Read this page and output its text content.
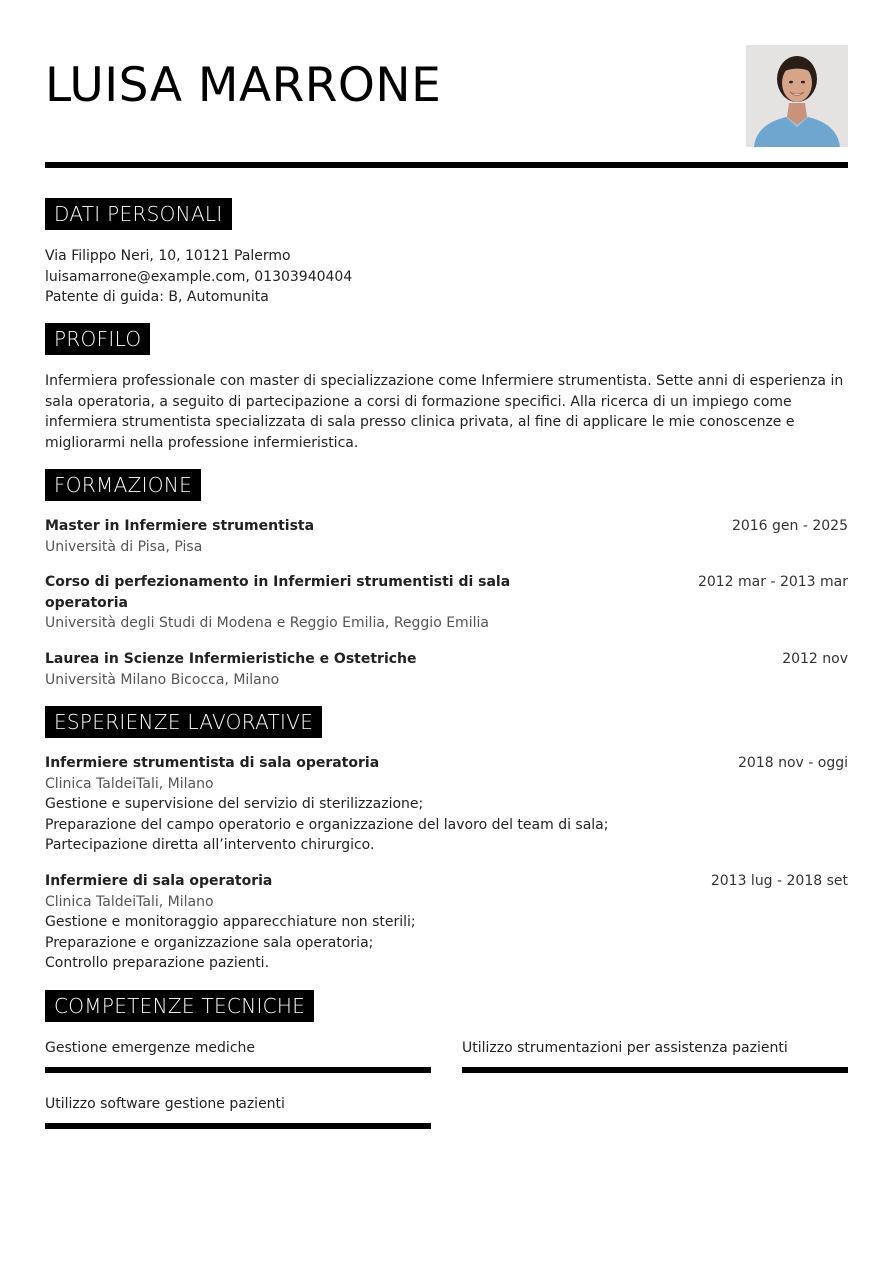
LUISA MARRONE
DATI PERSONALI
Via Filippo Neri, 10, 10121 Palermo
luisamarrone@example.com, 01303940404
Patente di guida: B, Automunita
PROFILO

Infermiera professionale con master di specializzazione come Infermiere strumentista. Sette anni di esperienza in sala operatoria, a seguito di partecipazione a corsi di formazione specifici. Alla ricerca di un impiego come infermiera strumentista specializzata di sala presso clinica privata, al fine di applicare le mie conoscenze e migliorarmi nella professione infermieristica.

FORMAZIONE
Master in Infermiere strumentista
Università di Pisa, Pisa
2016 gen - 2025
Corso di perfezionamento in Infermieri strumentisti di sala operatoria
Università degli Studi di Modena e Reggio Emilia, Reggio Emilia
2012 mar - 2013 mar
Laurea in Scienze Infermieristiche e Ostetriche
Università Milano Bicocca, Milano
2012 nov
ESPERIENZE LAVORATIVE
Infermiere strumentista di sala operatoria
Clinica TaldeiTali, Milano
Gestione e supervisione del servizio di sterilizzazione;
Preparazione del campo operatorio e organizzazione del lavoro del team di sala;
Partecipazione diretta all’intervento chirurgico.
2018 nov - oggi
Infermiere di sala operatoria
Clinica TaldeiTali, Milano
Gestione e monitoraggio apparecchiature non sterili;
Preparazione e organizzazione sala operatoria;
Controllo preparazione pazienti.
2013 lug - 2018 set
COMPETENZE TECNICHE
Gestione emergenze mediche	Utilizzo strumentazioni per assistenza pazienti
Utilizzo software gestione pazienti
